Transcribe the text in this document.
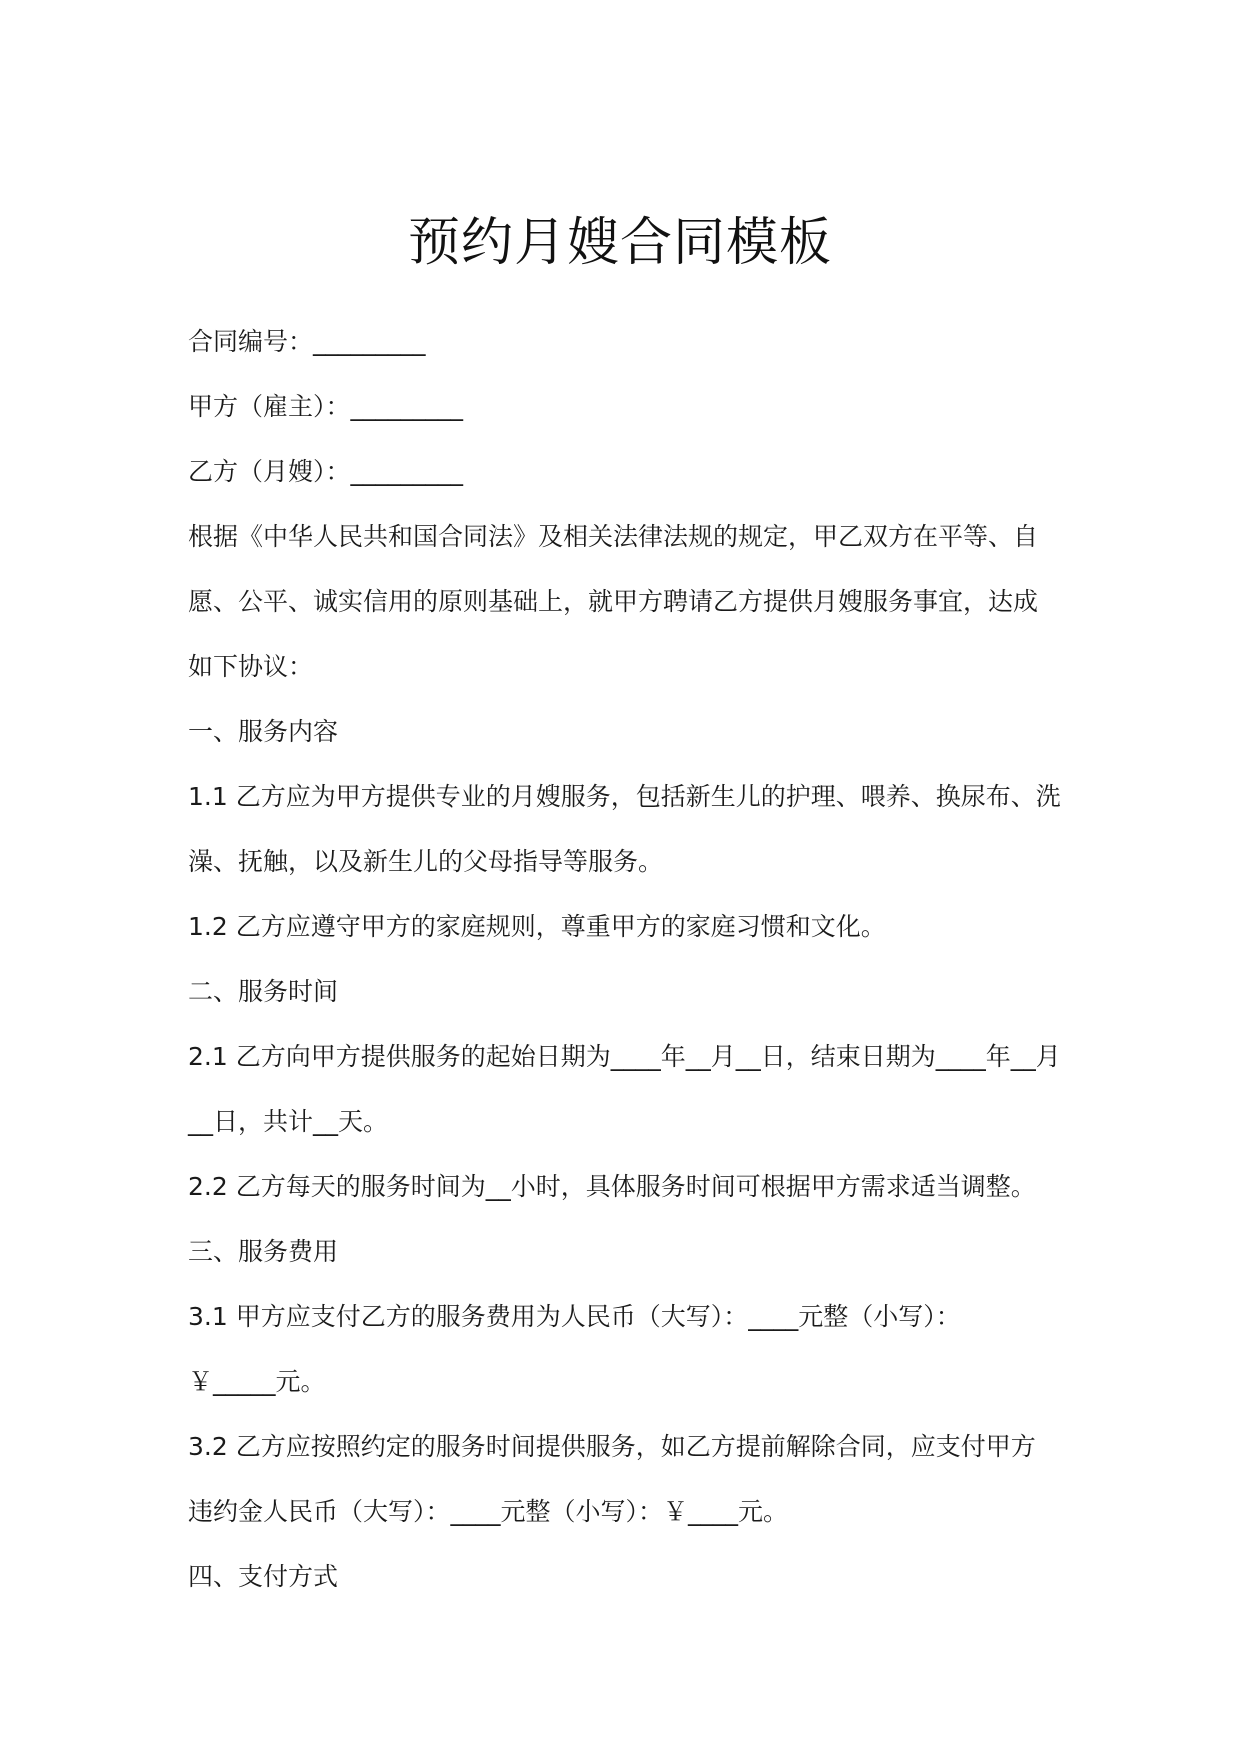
预约月嫂合同模板
合同编号：_________
甲方（雇主）：_________
乙方（月嫂）：_________
根据《中华人民共和国合同法》及相关法律法规的规定，甲乙双方在平等、自
愿、公平、诚实信用的原则基础上，就甲方聘请乙方提供月嫂服务事宜，达成
如下协议：
一、服务内容
1.1 乙方应为甲方提供专业的月嫂服务，包括新生儿的护理、喂养、换尿布、洗
澡、抚触，以及新生儿的父母指导等服务。
1.2 乙方应遵守甲方的家庭规则，尊重甲方的家庭习惯和文化。
二、服务时间
2.1 乙方向甲方提供服务的起始日期为____年__月__日，结束日期为____年__月
__日，共计__天。
2.2 乙方每天的服务时间为__小时，具体服务时间可根据甲方需求适当调整。
三、服务费用
3.1 甲方应支付乙方的服务费用为人民币（大写）：____元整（小写）：
￥_____元。
3.2 乙方应按照约定的服务时间提供服务，如乙方提前解除合同，应支付甲方
违约金人民币（大写）：____元整（小写）：￥____元。
四、支付方式
